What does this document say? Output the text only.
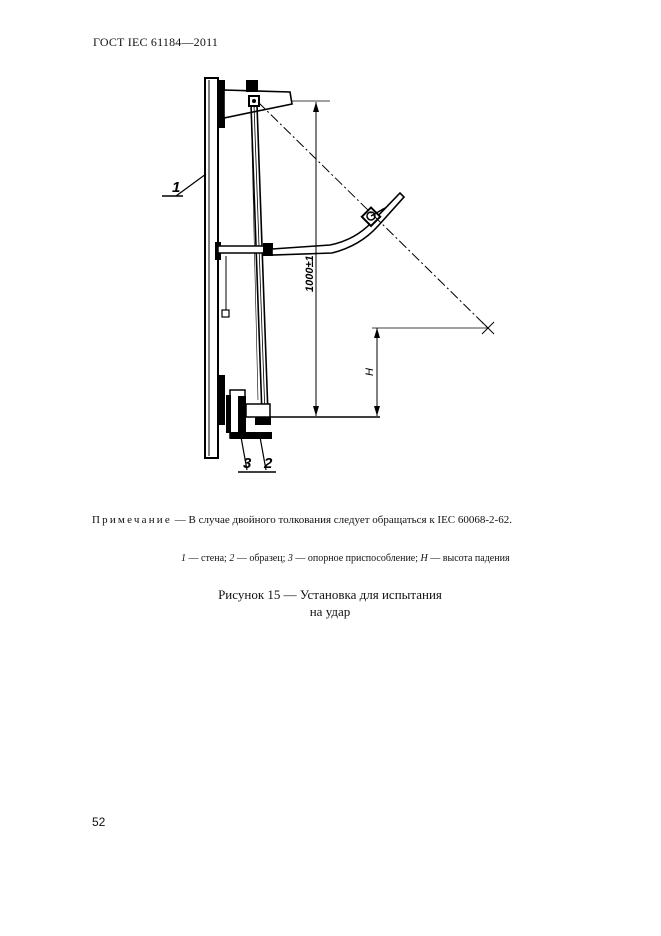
ГОСТ IEC 61184—2011
1000±1
H
1
3 2
Примечание — В случае двойного толкования следует обращаться к IEC 60068-2-62.
1 — стена; 2 — образец; 3 — опорное приспособление; H — высота падения
Рисунок 15 — Установка для испытания
на удар
52
